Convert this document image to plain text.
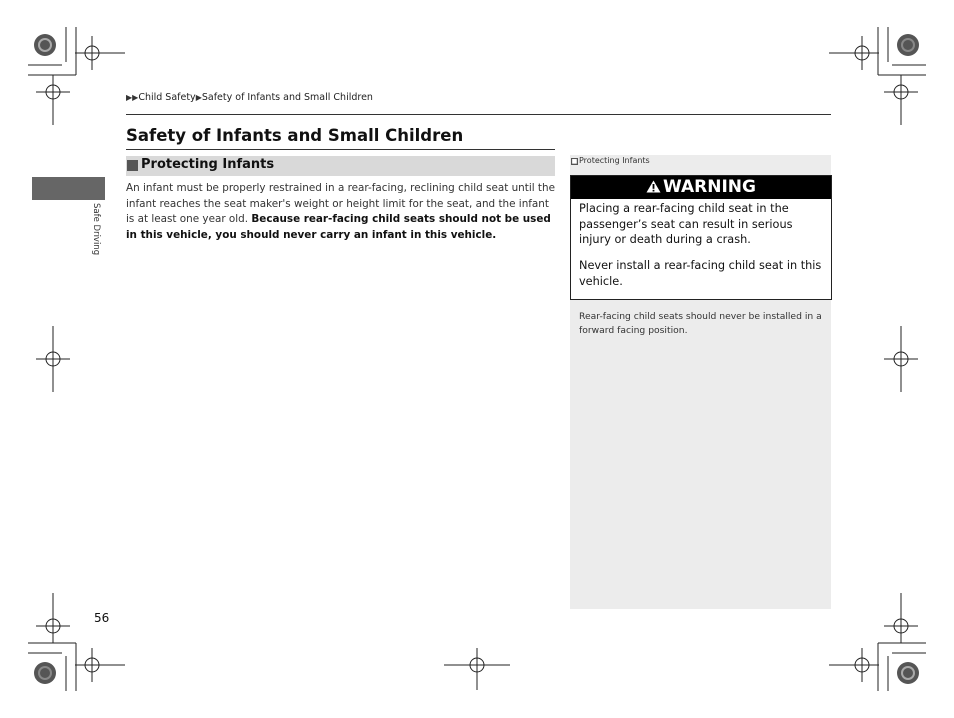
▶▶Child Safety▶Safety of Infants and Small Children
Safety of Infants and Small Children
Protecting Infants
An infant must be properly restrained in a rear-facing, reclining child seat until the infant reaches the seat maker's weight or height limit for the seat, and the infant is at least one year old. Because rear-facing child seats should not be used in this vehicle, you should never carry an infant in this vehicle.
Safe Driving
■ Protecting Infants
WARNING
Placing a rear-facing child seat in the passenger’s seat can result in serious injury or death during a crash.
Never install a rear-facing child seat in this vehicle.
Rear-facing child seats should never be installed in a forward facing position.
56
